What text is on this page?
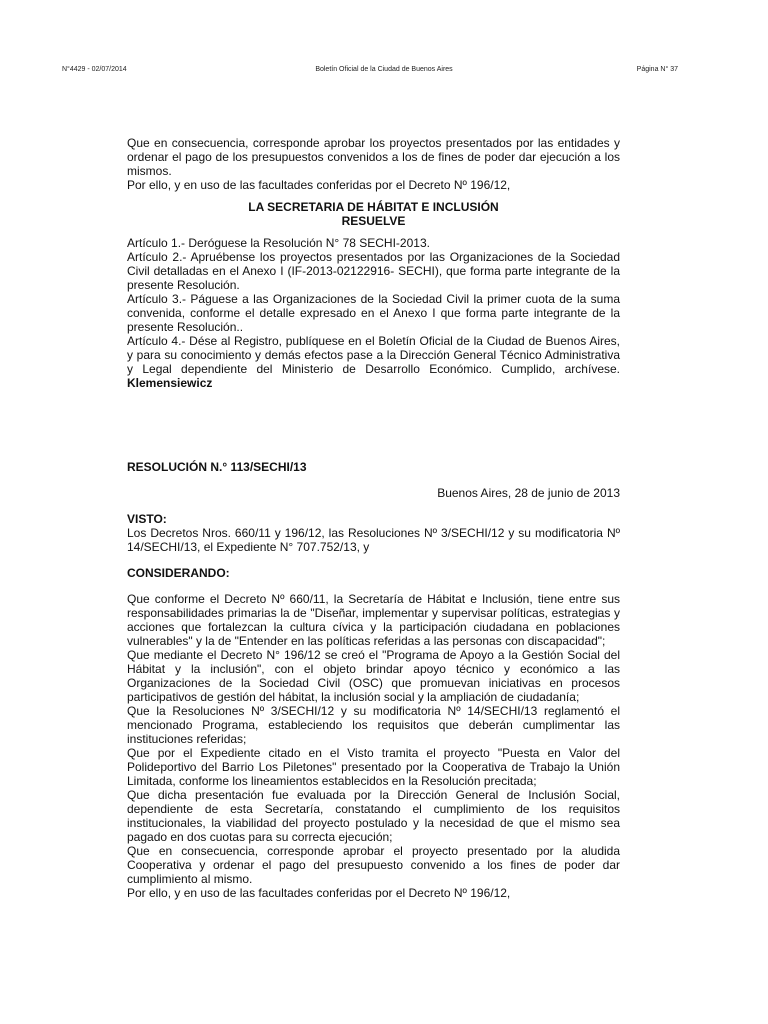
N°4429 - 02/07/2014	Boletín Oficial de la Ciudad de Buenos Aires	Página N° 37

Que en consecuencia, corresponde aprobar los proyectos presentados por las entidades y ordenar el pago de los presupuestos convenidos a los de fines de poder dar ejecución a los mismos.

Por ello, y en uso de las facultades conferidas por el Decreto Nº 196/12,

LA SECRETARIA DE HÁBITAT E INCLUSIÓN

RESUELVE

Artículo 1.- Deróguese la Resolución N° 78 SECHI-2013.

Artículo 2.- Apruébense los proyectos presentados por las Organizaciones de la Sociedad Civil detalladas en el Anexo I (IF-2013-02122916- SECHI), que forma parte integrante de la presente Resolución.

Artículo 3.- Páguese a las Organizaciones de la Sociedad Civil la primer cuota de la suma convenida, conforme el detalle expresado en el Anexo I que forma parte integrante de la presente Resolución..

Artículo 4.- Dése al Registro, publíquese en el Boletín Oficial de la Ciudad de Buenos Aires, y para su conocimiento y demás efectos pase a la Dirección General Técnico Administrativa y Legal dependiente del Ministerio de Desarrollo Económico. Cumplido, archívese. Klemensiewicz

RESOLUCIÓN N.° 113/SECHI/13

Buenos Aires, 28 de junio de 2013

VISTO:

Los Decretos Nros. 660/11 y 196/12, las Resoluciones Nº 3/SECHI/12 y su modificatoria Nº 14/SECHI/13, el Expediente N° 707.752/13, y

CONSIDERANDO:

Que conforme el Decreto Nº 660/11, la Secretaría de Hábitat e Inclusión, tiene entre sus responsabilidades primarias la de "Diseñar, implementar y supervisar políticas, estrategias y acciones que fortalezcan la cultura cívica y la participación ciudadana en poblaciones vulnerables" y la de "Entender en las políticas referidas a las personas con discapacidad";

Que mediante el Decreto N° 196/12 se creó el "Programa de Apoyo a la Gestión Social del Hábitat y la inclusión", con el objeto brindar apoyo técnico y económico a las Organizaciones de la Sociedad Civil (OSC) que promuevan iniciativas en procesos participativos de gestión del hábitat, la inclusión social y la ampliación de ciudadanía;

Que la Resoluciones Nº 3/SECHI/12 y su modificatoria Nº 14/SECHI/13 reglamentó el mencionado Programa, estableciendo los requisitos que deberán cumplimentar las instituciones referidas;

Que por el Expediente citado en el Visto tramita el proyecto "Puesta en Valor del Polideportivo del Barrio Los Piletones" presentado por la Cooperativa de Trabajo la Unión Limitada, conforme los lineamientos establecidos en la Resolución precitada;

Que dicha presentación fue evaluada por la Dirección General de Inclusión Social, dependiente de esta Secretaría, constatando el cumplimiento de los requisitos institucionales, la viabilidad del proyecto postulado y la necesidad de que el mismo sea pagado en dos cuotas para su correcta ejecución;

Que en consecuencia, corresponde aprobar el proyecto presentado por la aludida Cooperativa y ordenar el pago del presupuesto convenido a los fines de poder dar cumplimiento al mismo.

Por ello, y en uso de las facultades conferidas por el Decreto Nº 196/12,
